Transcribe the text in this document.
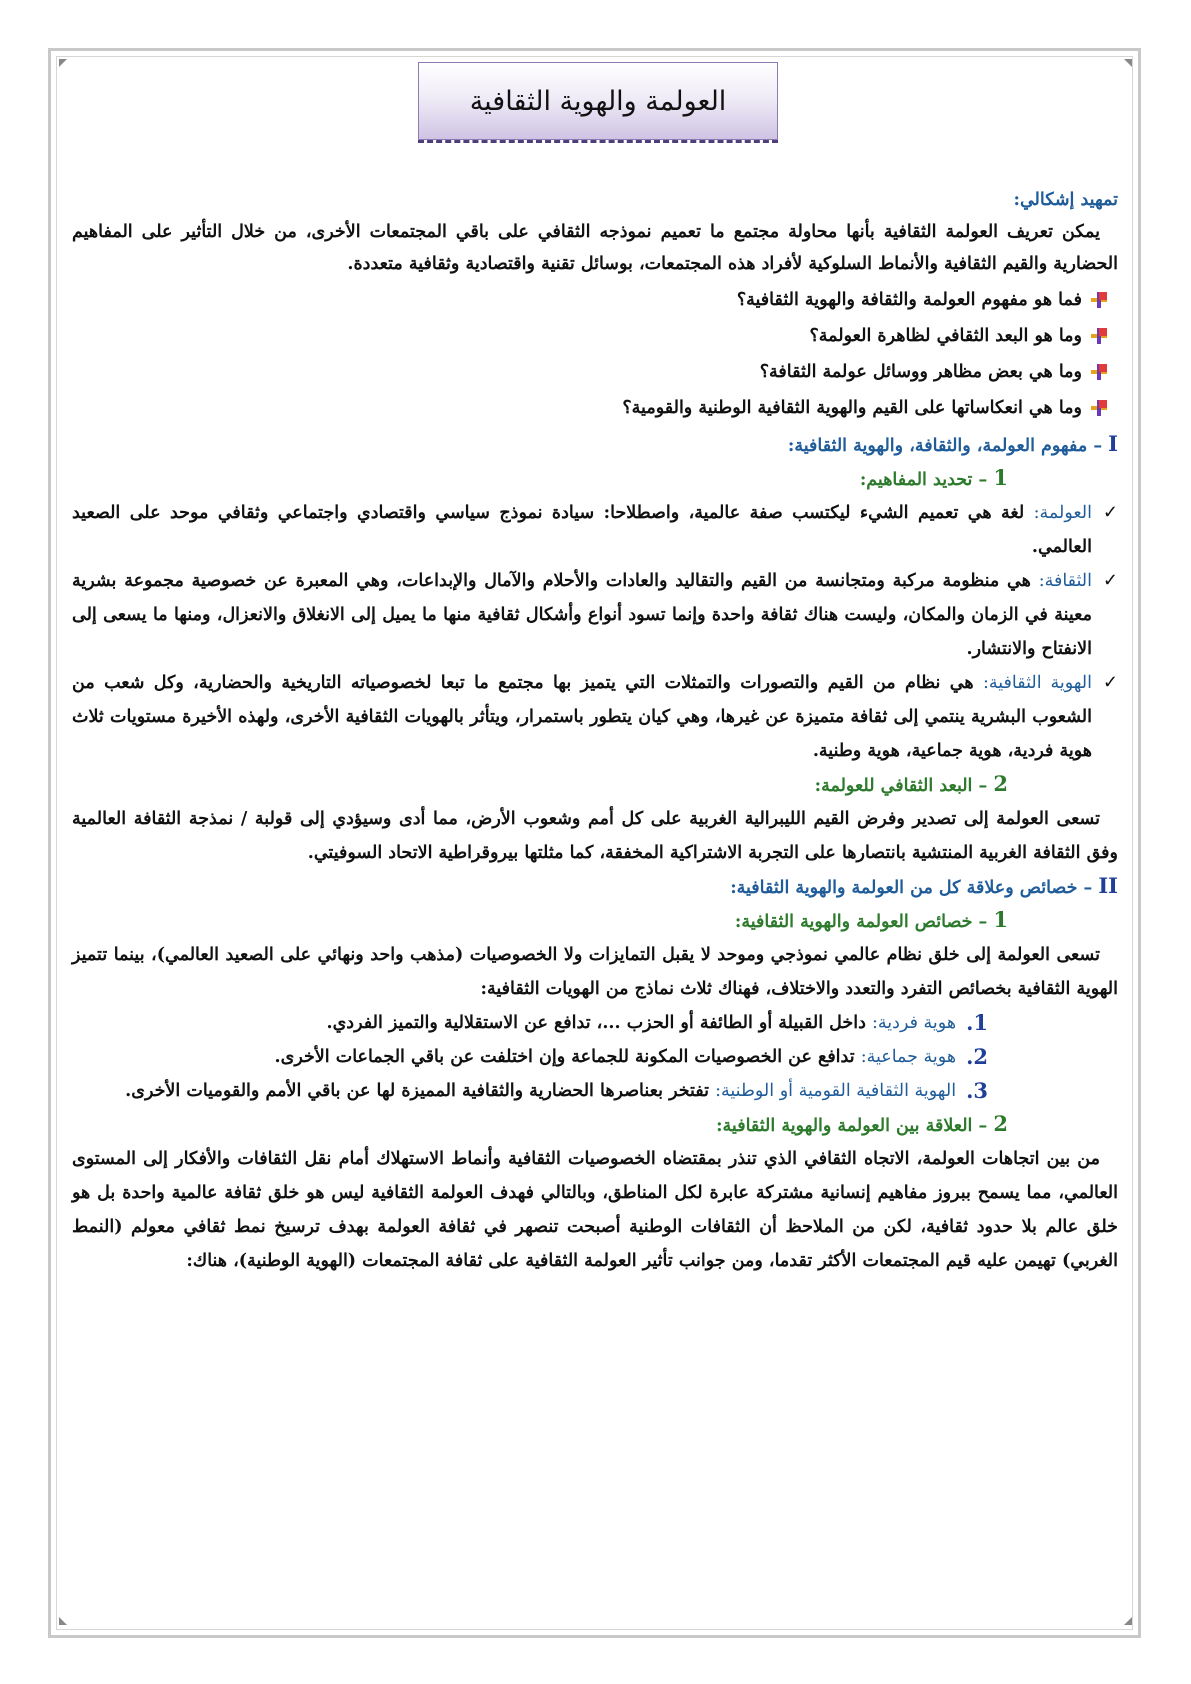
العولمة والهوية الثقافية
تمهيد إشكالي:

يمكن تعريف العولمة الثقافية بأنها محاولة مجتمع ما تعميم نموذجه الثقافي على باقي المجتمعات الأخرى، من خلال التأثير على المفاهيم الحضارية والقيم الثقافية والأنماط السلوكية لأفراد هذه المجتمعات، بوسائل تقنية واقتصادية وثقافية متعددة.

فما هو مفهوم العولمة والثقافة والهوية الثقافية؟
وما هو البعد الثقافي لظاهرة العولمة؟
وما هي بعض مظاهر ووسائل عولمة الثقافة؟
وما هي انعكاساتها على القيم والهوية الثقافية الوطنية والقومية؟
I – مفهوم العولمة، والثقافة، والهوية الثقافية:
1 – تحديد المفاهيم:
✓
العولمة: لغة هي تعميم الشيء ليكتسب صفة عالمية، واصطلاحا: سيادة نموذج سياسي واقتصادي واجتماعي وثقافي موحد على الصعيد العالمي.
✓
الثقافة: هي منظومة مركبة ومتجانسة من القيم والتقاليد والعادات والأحلام والآمال والإبداعات، وهي المعبرة عن خصوصية مجموعة بشرية معينة في الزمان والمكان، وليست هناك ثقافة واحدة وإنما تسود أنواع وأشكال ثقافية منها ما يميل إلى الانغلاق والانعزال، ومنها ما يسعى إلى الانفتاح والانتشار.
✓
الهوية الثقافية: هي نظام من القيم والتصورات والتمثلات التي يتميز بها مجتمع ما تبعا لخصوصياته التاريخية والحضارية، وكل شعب من الشعوب البشرية ينتمي إلى ثقافة متميزة عن غيرها، وهي كيان يتطور باستمرار، ويتأثر بالهويات الثقافية الأخرى، ولهذه الأخيرة مستويات ثلاث هوية فردية، هوية جماعية، هوية وطنية.
2 – البعد الثقافي للعولمة:

تسعى العولمة إلى تصدير وفرض القيم الليبرالية الغربية على كل أمم وشعوب الأرض، مما أدى وسيؤدي إلى قولبة / نمذجة الثقافة العالمية وفق الثقافة الغربية المنتشية بانتصارها على التجربة الاشتراكية المخفقة، كما مثلتها بيروقراطية الاتحاد السوفيتي.

II – خصائص وعلاقة كل من العولمة والهوية الثقافية:
1 – خصائص العولمة والهوية الثقافية:

تسعى العولمة إلى خلق نظام عالمي نموذجي وموحد لا يقبل التمايزات ولا الخصوصيات (مذهب واحد ونهائي على الصعيد العالمي)، بينما تتميز الهوية الثقافية بخصائص التفرد والتعدد والاختلاف، فهناك ثلاث نماذج من الهويات الثقافية:

1.
هوية فردية: داخل القبيلة أو الطائفة أو الحزب ...، تدافع عن الاستقلالية والتميز الفردي.
2.
هوية جماعية: تدافع عن الخصوصيات المكونة للجماعة وإن اختلفت عن باقي الجماعات الأخرى.
3.
الهوية الثقافية القومية أو الوطنية: تفتخر بعناصرها الحضارية والثقافية المميزة لها عن باقي الأمم والقوميات الأخرى.
2 – العلاقة بين العولمة والهوية الثقافية:

من بين اتجاهات العولمة، الاتجاه الثقافي الذي تنذر بمقتضاه الخصوصيات الثقافية وأنماط الاستهلاك أمام نقل الثقافات والأفكار إلى المستوى العالمي، مما يسمح ببروز مفاهيم إنسانية مشتركة عابرة لكل المناطق، وبالتالي فهدف العولمة الثقافية ليس هو خلق ثقافة عالمية واحدة بل هو خلق عالم بلا حدود ثقافية، لكن من الملاحظ أن الثقافات الوطنية أصبحت تنصهر في ثقافة العولمة بهدف ترسيخ نمط ثقافي معولم (النمط الغربي) تهيمن عليه قيم المجتمعات الأكثر تقدما، ومن جوانب تأثير العولمة الثقافية على ثقافة المجتمعات (الهوية الوطنية)، هناك:
